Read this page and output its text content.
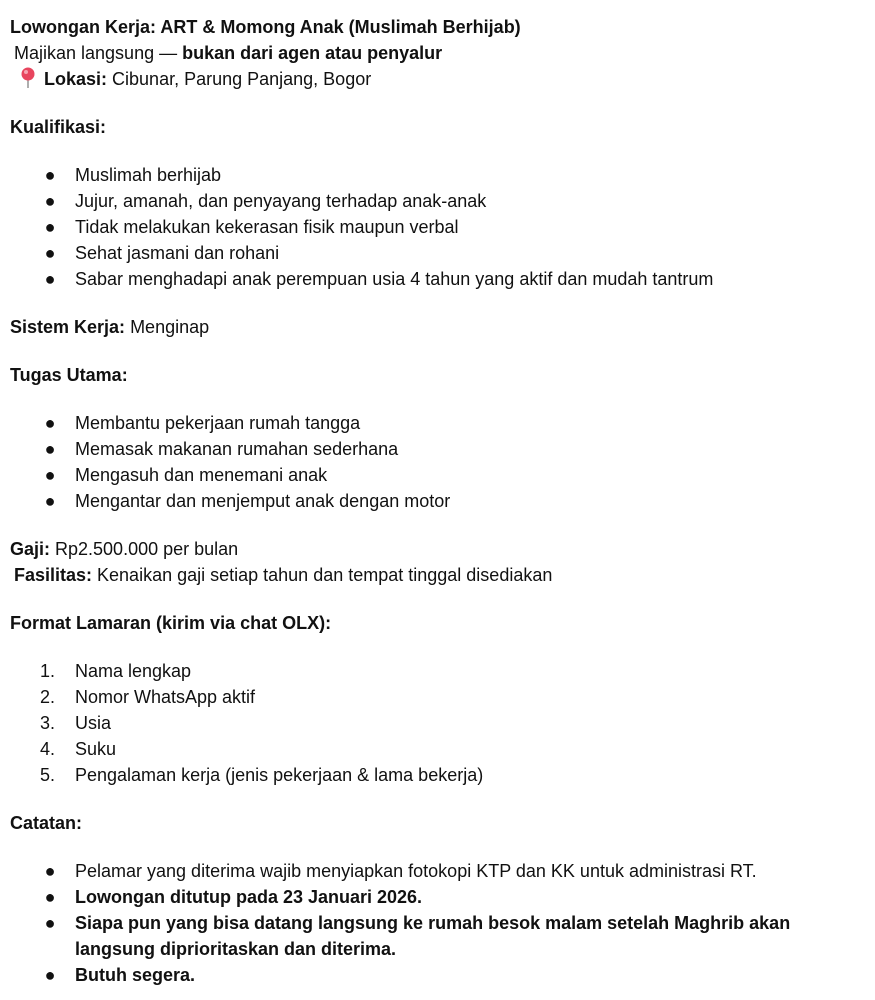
Lowongan Kerja: ART & Momong Anak (Muslimah Berhijab)
Majikan langsung — bukan dari agen atau penyalur
Lokasi: Cibunar, Parung Panjang, Bogor
Kualifikasi:
● Muslimah berhijab
● Jujur, amanah, dan penyayang terhadap anak-anak
● Tidak melakukan kekerasan fisik maupun verbal
● Sehat jasmani dan rohani
● Sabar menghadapi anak perempuan usia 4 tahun yang aktif dan mudah tantrum
Sistem Kerja: Menginap
Tugas Utama:
● Membantu pekerjaan rumah tangga
● Memasak makanan rumahan sederhana
● Mengasuh dan menemani anak
● Mengantar dan menjemput anak dengan motor
Gaji: Rp2.500.000 per bulan
Fasilitas: Kenaikan gaji setiap tahun dan tempat tinggal disediakan
Format Lamaran (kirim via chat OLX):
1.	Nama lengkap
2.	Nomor WhatsApp aktif
3.	Usia
4.	Suku
5.	Pengalaman kerja (jenis pekerjaan & lama bekerja)
Catatan:
● Pelamar yang diterima wajib menyiapkan fotokopi KTP dan KK untuk administrasi RT.
● Lowongan ditutup pada 23 Januari 2026.
● Siapa pun yang bisa datang langsung ke rumah besok malam setelah Maghrib akan langsung diprioritaskan dan diterima.
● Butuh segera.
